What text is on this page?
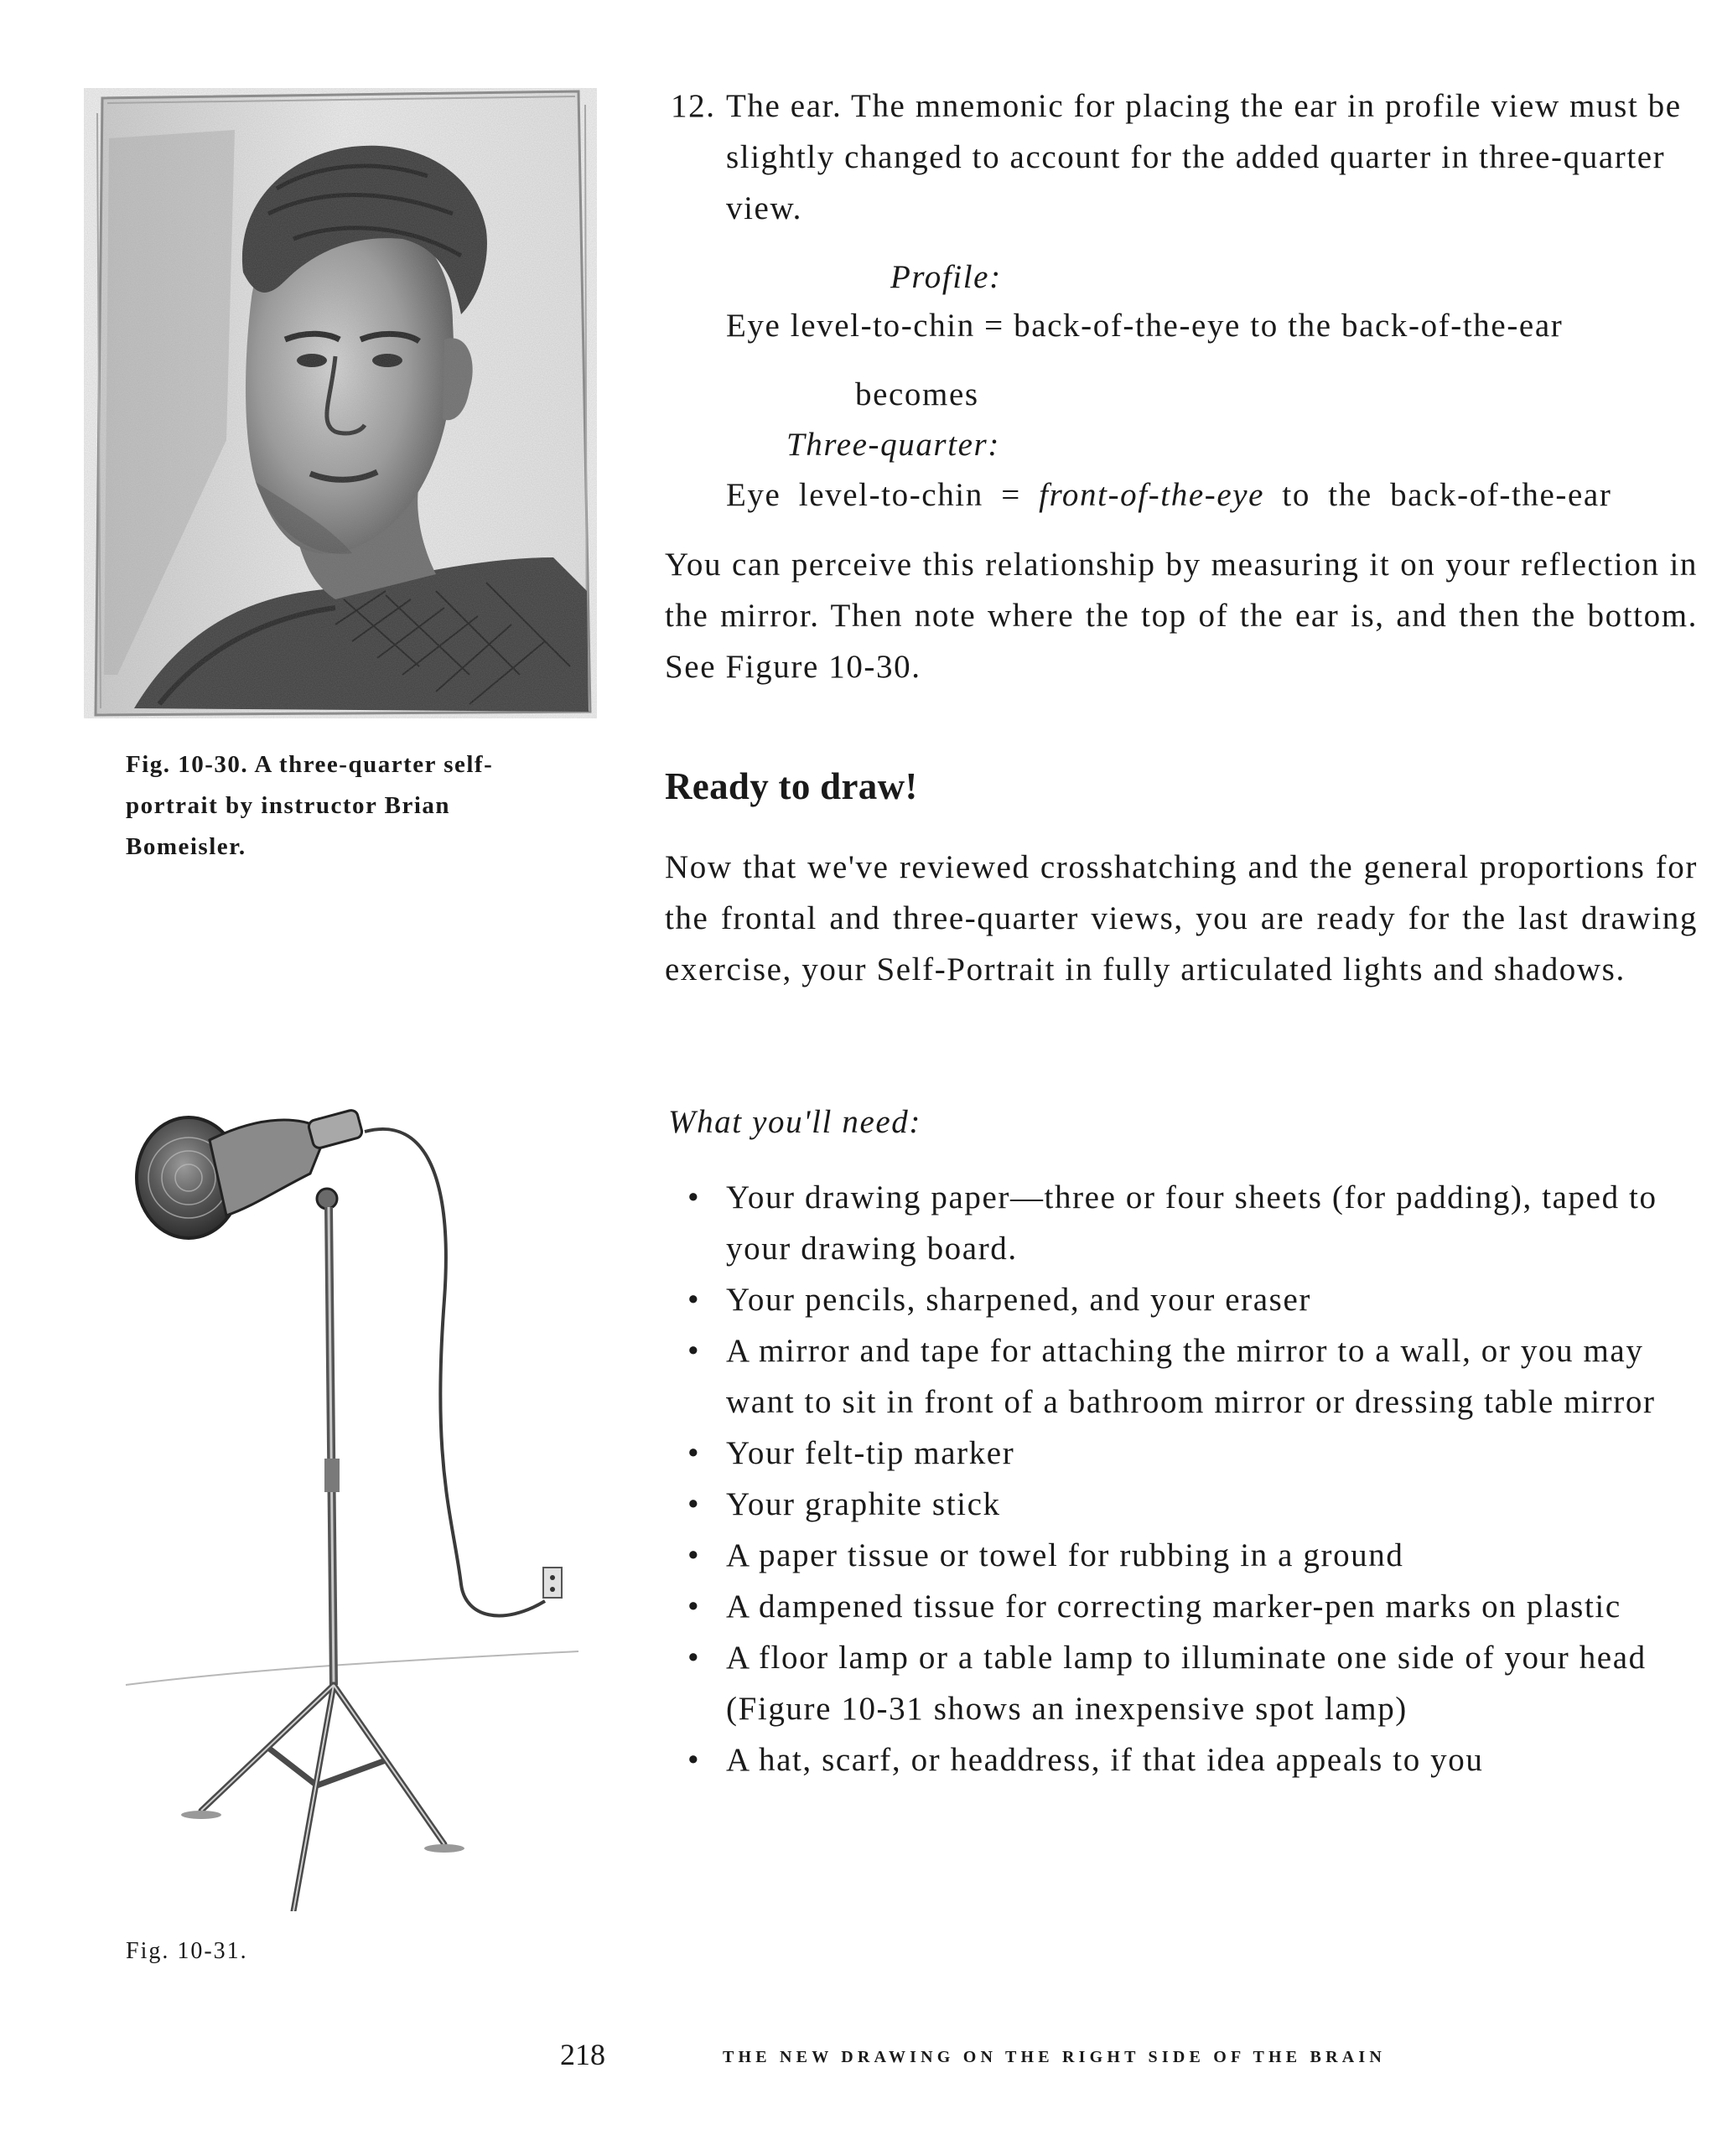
Fig. 10-30. A three-quarter self-portrait by instructor Brian Bomeisler.
Fig. 10-31.
12. The ear. The mnemonic for placing the ear in profile view must be slightly changed to account for the added quarter in three-quarter view.
Profile:
Eye level-to-chin = back-of-the-eye to the back-of-the-ear
becomes
Three-quarter:
Eye level-to-chin = front-of-the-eye to the back-of-the-ear
You can perceive this relationship by measuring it on your reflection in the mirror. Then note where the top of the ear is, and then the bottom. See Figure 10-30.
Ready to draw!
Now that we've reviewed crosshatching and the general proportions for the frontal and three-quarter views, you are ready for the last drawing exercise, your Self-Portrait in fully articulated lights and shadows.
What you'll need:
• Your drawing paper—three or four sheets (for padding), taped to your drawing board.
• Your pencils, sharpened, and your eraser
• A mirror and tape for attaching the mirror to a wall, or you may want to sit in front of a bathroom mirror or dressing table mirror
• Your felt-tip marker
• Your graphite stick
• A paper tissue or towel for rubbing in a ground
• A dampened tissue for correcting marker-pen marks on plastic
• A floor lamp or a table lamp to illuminate one side of your head (Figure 10-31 shows an inexpensive spot lamp)
• A hat, scarf, or headdress, if that idea appeals to you
218	THE NEW DRAWING ON THE RIGHT SIDE OF THE BRAIN
